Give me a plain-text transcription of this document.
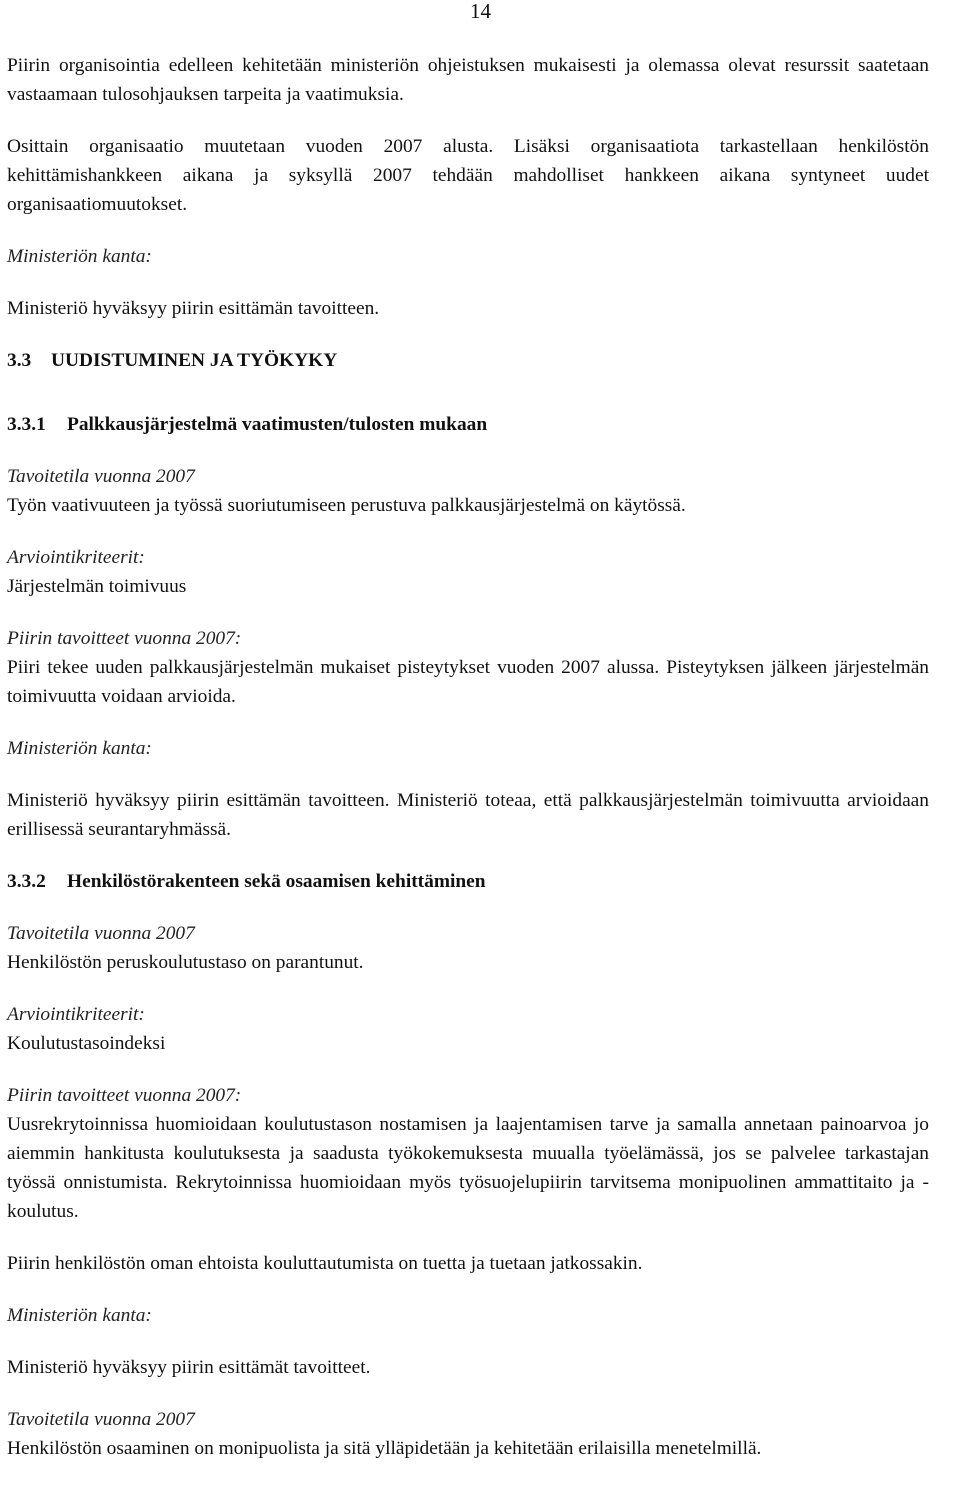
14

Piirin organisointia edelleen kehitetään ministeriön ohjeistuksen mukaisesti ja olemassa olevat resurssit saatetaan vastaamaan tulosohjauksen tarpeita ja vaatimuksia.

Osittain organisaatio muutetaan vuoden 2007 alusta. Lisäksi organisaatiota tarkastellaan henkilöstön kehittämishankkeen aikana ja syksyllä 2007 tehdään mahdolliset hankkeen aikana syntyneet uudet organisaatiomuutokset.

Ministeriön kanta:

Ministeriö hyväksyy piirin esittämän tavoitteen.

3.3 UUDISTUMINEN JA TYÖKYKY
3.3.1 Palkkausjärjestelmä vaatimusten/tulosten mukaan

Tavoitetila vuonna 2007

Työn vaativuuteen ja työssä suoriutumiseen perustuva palkkausjärjestelmä on käytössä.

Arviointikriteerit:

Järjestelmän toimivuus

Piirin tavoitteet vuonna 2007:

Piiri tekee uuden palkkausjärjestelmän mukaiset pisteytykset vuoden 2007 alussa. Pisteytyksen jälkeen järjestelmän toimivuutta voidaan arvioida.

Ministeriön kanta:

Ministeriö hyväksyy piirin esittämän tavoitteen. Ministeriö toteaa, että palkkausjärjestelmän toimivuutta arvioidaan erillisessä seurantaryhmässä.

3.3.2 Henkilöstörakenteen sekä osaamisen kehittäminen

Tavoitetila vuonna 2007

Henkilöstön peruskoulutustaso on parantunut.

Arviointikriteerit:

Koulutustasoindeksi

Piirin tavoitteet vuonna 2007:

Uusrekrytoinnissa huomioidaan koulutustason nostamisen ja laajentamisen tarve ja samalla annetaan painoarvoa jo aiemmin hankitusta koulutuksesta ja saadusta työkokemuksesta muualla työelämässä, jos se palvelee tarkastajan työssä onnistumista. Rekrytoinnissa huomioidaan myös työsuojelupiirin tarvitsema monipuolinen ammattitaito ja -koulutus.

Piirin henkilöstön oman ehtoista kouluttautumista on tuetta ja tuetaan jatkossakin.

Ministeriön kanta:

Ministeriö hyväksyy piirin esittämät tavoitteet.

Tavoitetila vuonna 2007

Henkilöstön osaaminen on monipuolista ja sitä ylläpidetään ja kehitetään erilaisilla menetelmillä.
